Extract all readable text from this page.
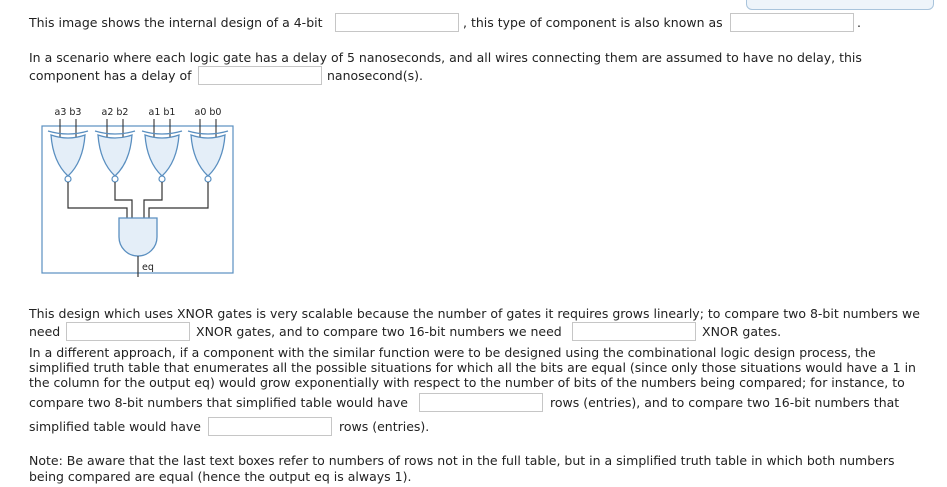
This image shows the internal design of a 4-bit	, this type of component is also known as	.
In a scenario where each logic gate has a delay of 5 nanoseconds, and all wires connecting them are assumed to have no delay, this
component has a delay of	nanosecond(s).
a3 b3 a2 b2 a1 b1 a0 b0
eq
This design which uses XNOR gates is very scalable because the number of gates it requires grows linearly; to compare two 8-bit numbers we
need	XNOR gates, and to compare two 16-bit numbers we need	XNOR gates.
In a different approach, if a component with the similar function were to be designed using the combinational logic design process, the
simplified truth table that enumerates all the possible situations for which all the bits are equal (since only those situations would have a 1 in
the column for the output eq) would grow exponentially with respect to the number of bits of the numbers being compared; for instance, to
compare two 8-bit numbers that simplified table would have	rows (entries), and to compare two 16-bit numbers that
simplified table would have	rows (entries).
Note: Be aware that the last text boxes refer to numbers of rows not in the full table, but in a simplified truth table in which both numbers being compared are equal (hence the output eq is always 1).
